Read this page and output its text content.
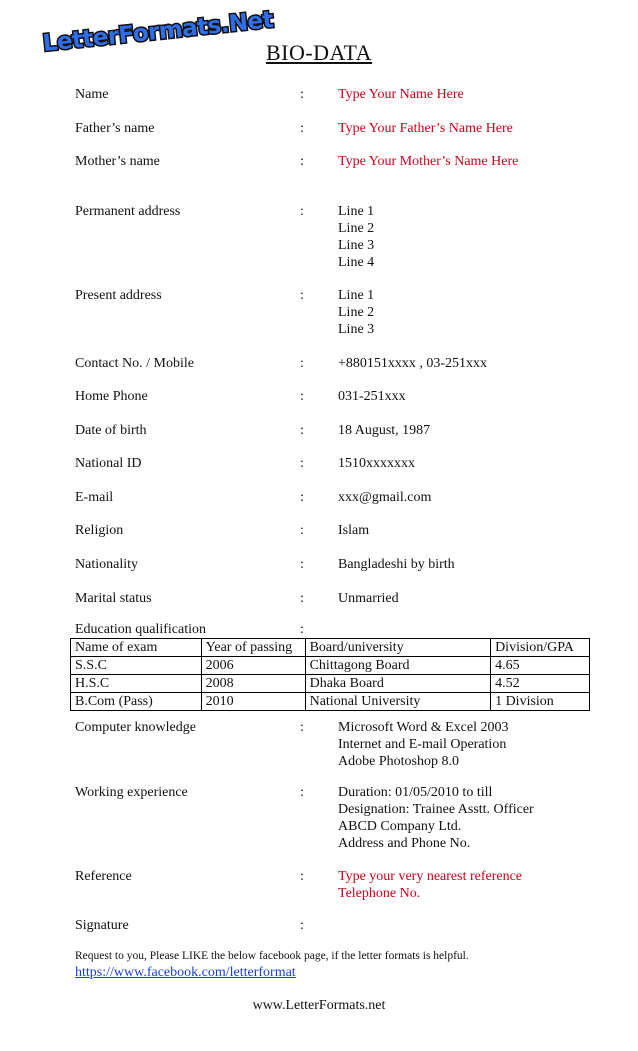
LetterFormats.Net
BIO-DATA
Name	: Type Your Name Here
Father’s name	: Type Your Father’s Name Here
Mother’s name	: Type Your Mother’s Name Here
Permanent address	: Line 1
Line 2
Line 3
Line 4
Present address	: Line 1
Line 2
Line 3
Contact No. / Mobile	: +880151xxxx , 03-251xxx
Home Phone	: 031-251xxx
Date of birth	: 18 August, 1987
National ID	: 1510xxxxxxx
E-mail	: xxx@gmail.com
Religion	: Islam
Nationality	: Bangladeshi by birth
Marital status	: Unmarried
Education qualification	:
Computer knowledge	: Microsoft Word & Excel 2003
Internet and E-mail Operation
Adobe Photoshop 8.0
Working experience	: Duration: 01/05/2010 to till
Designation: Trainee Asstt. Officer
ABCD Company Ltd.
Address and Phone No.
Reference	: Type your very nearest reference
Telephone No.
Signature	:
Name of exam	Year of passing	Board/university	Division/GPA
S.S.C	2006	Chittagong Board	4.65
H.S.C	2008	Dhaka Board	4.52
B.Com (Pass)	2010	National University	1 Division
Request to you, Please LIKE the below facebook page, if the letter formats is helpful.
https://www.facebook.com/letterformat
www.LetterFormats.net
